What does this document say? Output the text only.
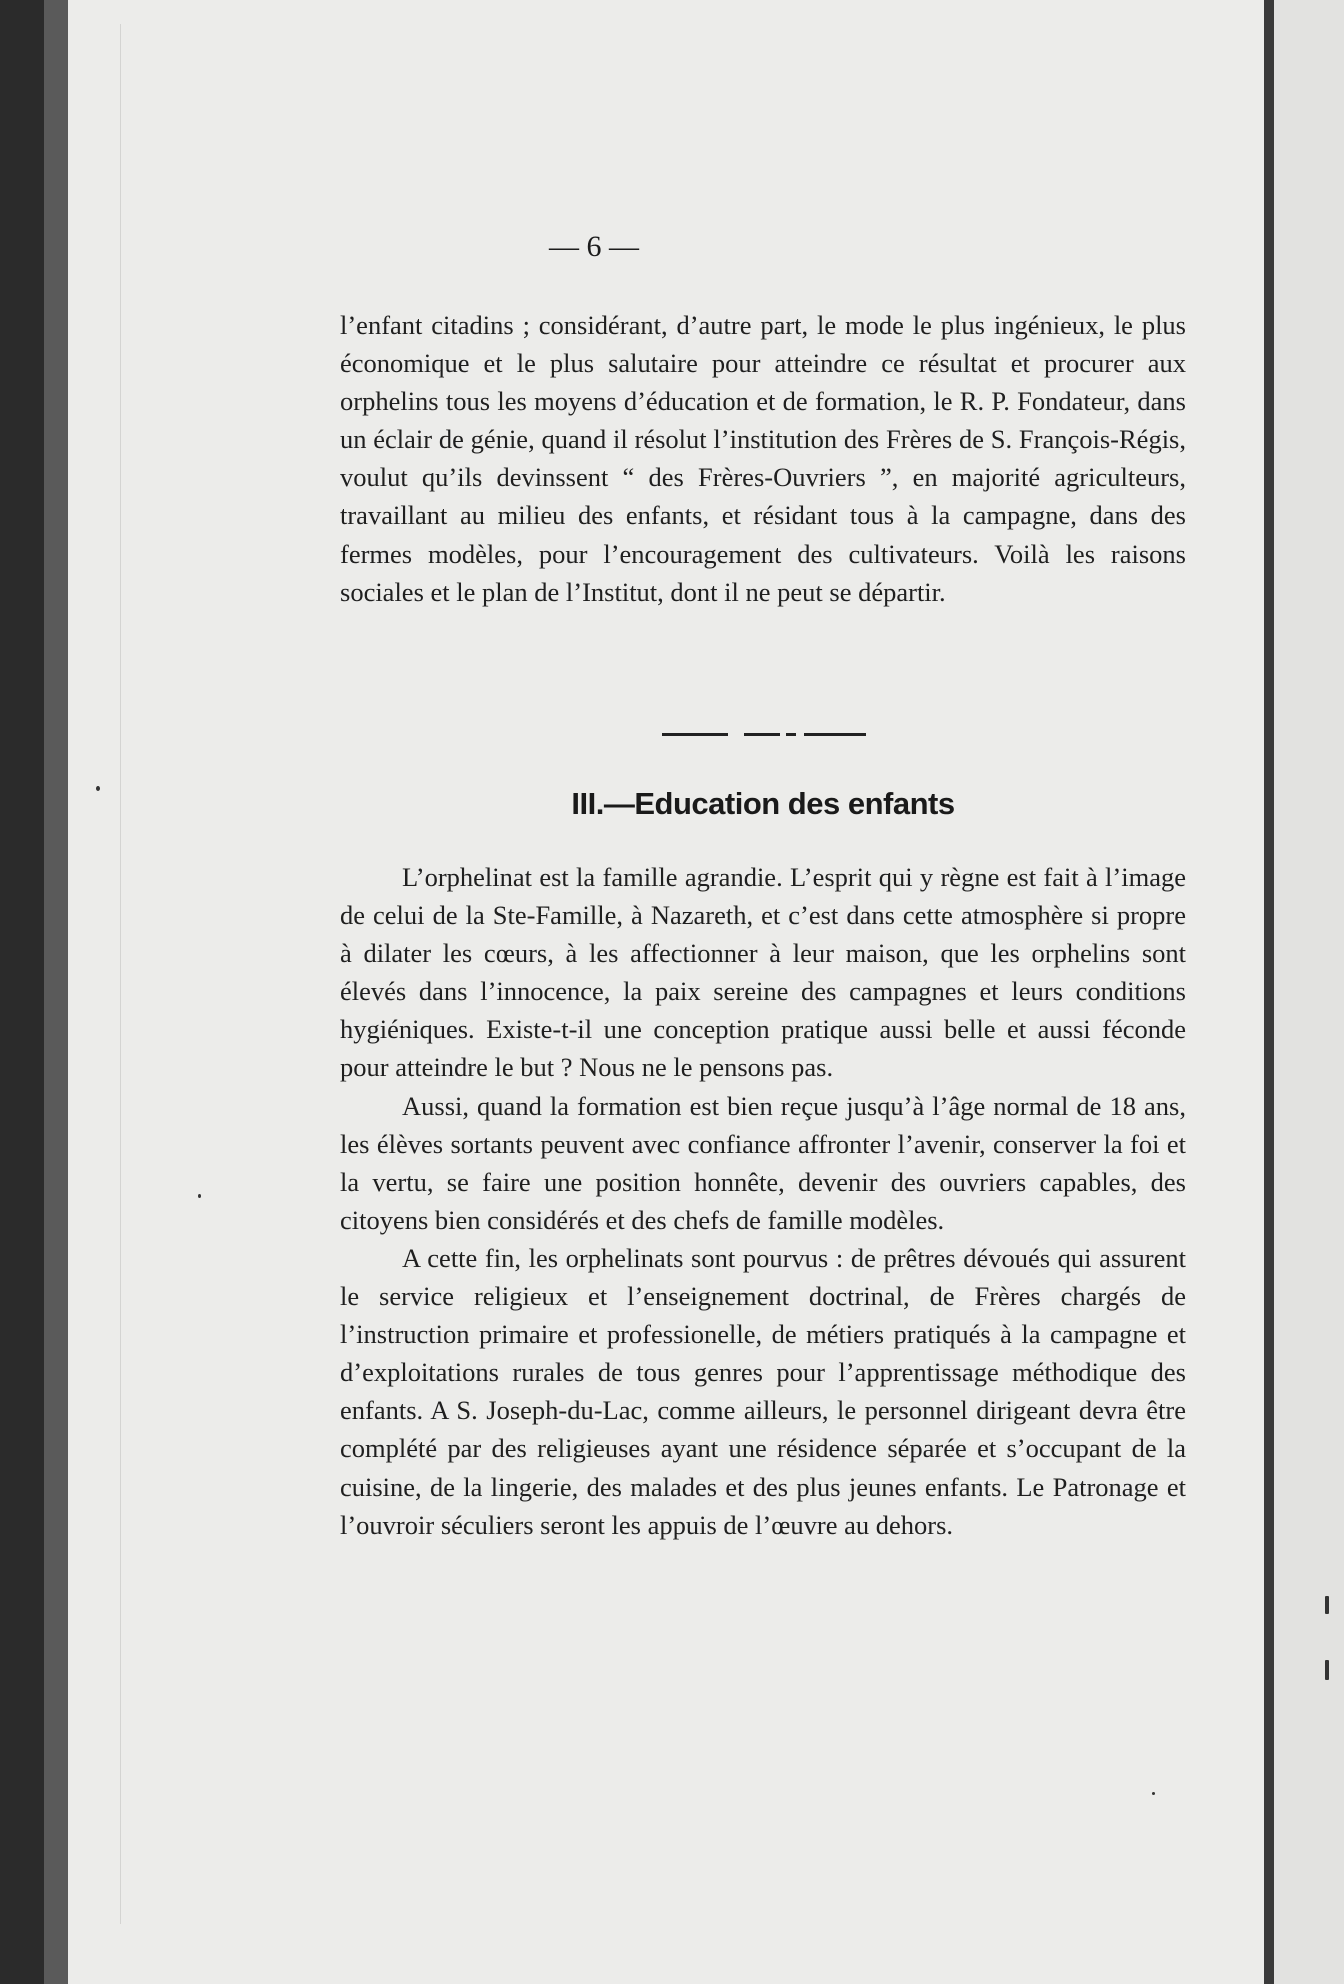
— 6 —

l’enfant citadins ; considérant, d’autre part, le mode le plus ingénieux, le plus économique et le plus salutaire pour atteindre ce résultat et procurer aux orphelins tous les moyens d’éducation et de formation, le R. P. Fondateur, dans un éclair de génie, quand il résolut l’institution des Frères de S. François-Régis, voulut qu’ils devinssent “ des Frères-Ouvriers ”, en majorité agriculteurs, travaillant au milieu des enfants, et résidant tous à la campagne, dans des fermes modèles, pour l’encouragement des cultivateurs. Voilà les raisons sociales et le plan de l’Institut, dont il ne peut se départir.

III.—Education des enfants

L’orphelinat est la famille agrandie. L’esprit qui y règne est fait à l’image de celui de la Ste-Famille, à Nazareth, et c’est dans cette atmosphère si propre à dilater les cœurs, à les affectionner à leur maison, que les orphelins sont élevés dans l’innocence, la paix sereine des campagnes et leurs conditions hygiéniques. Existe-t-il une conception pratique aussi belle et aussi féconde pour atteindre le but ? Nous ne le pensons pas.

Aussi, quand la formation est bien reçue jusqu’à l’âge normal de 18 ans, les élèves sortants peuvent avec confiance affronter l’avenir, conserver la foi et la vertu, se faire une position honnête, devenir des ouvriers capables, des citoyens bien considérés et des chefs de famille modèles.

A cette fin, les orphelinats sont pourvus : de prêtres dévoués qui assurent le service religieux et l’enseignement doctrinal, de Frères chargés de l’instruction primaire et professionelle, de métiers pratiqués à la campagne et d’exploitations rurales de tous genres pour l’apprentissage méthodique des enfants. A S. Joseph-du-Lac, comme ailleurs, le personnel dirigeant devra être complété par des religieuses ayant une résidence séparée et s’occupant de la cuisine, de la lingerie, des malades et des plus jeunes enfants. Le Patronage et l’ouvroir séculiers seront les appuis de l’œuvre au dehors.
